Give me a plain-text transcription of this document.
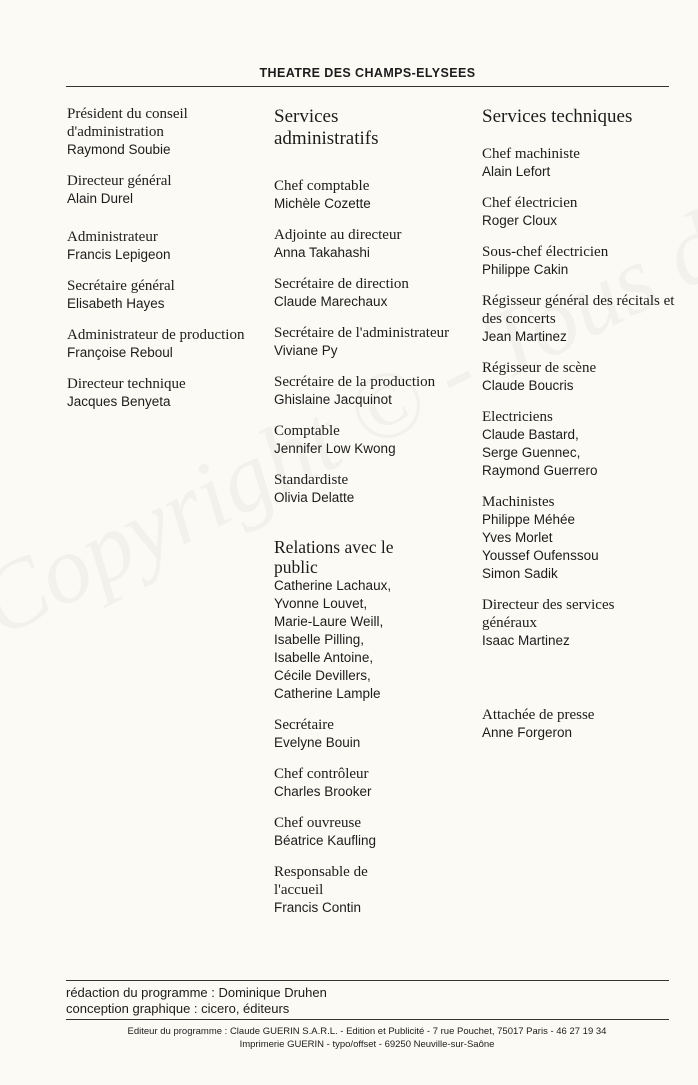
THEATRE DES CHAMPS-ELYSEES
Président du conseil d'administration
Raymond Soubie
Directeur général
Alain Durel
Administrateur
Francis Lepigeon
Secrétaire général
Elisabeth Hayes
Administrateur de production
Françoise Reboul
Directeur technique
Jacques Benyeta
Services administratifs
Chef comptable
Michèle Cozette
Adjointe au directeur
Anna Takahashi
Secrétaire de direction
Claude Marechaux
Secrétaire de l'administrateur Viviane Py
Secrétaire de la production
Ghislaine Jacquinot
Comptable
Jennifer Low Kwong
Standardiste
Olivia Delatte
Relations avec le public
Catherine Lachaux,
Yvonne Louvet,
Marie-Laure Weill,
Isabelle Pilling,
Isabelle Antoine,
Cécile Devillers,
Catherine Lample
Secrétaire
Evelyne Bouin
Chef contrôleur
Charles Brooker
Chef ouvreuse
Béatrice Kaufling
Responsable de l'accueil
Francis Contin
Services techniques
Chef machiniste
Alain Lefort
Chef électricien
Roger Cloux
Sous-chef électricien
Philippe Cakin
Régisseur général des récitals et des concerts
Jean Martinez
Régisseur de scène
Claude Boucris
Electriciens
Claude Bastard,
Serge Guennec,
Raymond Guerrero
Machinistes
Philippe Méhée
Yves Morlet
Youssef Oufenssou
Simon Sadik
Directeur des services généraux
Isaac Martinez
Attachée de presse
Anne Forgeron
rédaction du programme : Dominique Druhen
conception graphique : cicero, éditeurs
Editeur du programme : Claude GUERIN S.A.R.L. - Edition et Publicité - 7 rue Pouchet, 75017 Paris - 46 27 19 34
Imprimerie GUERIN - typo/offset - 69250 Neuville-sur-Saône
